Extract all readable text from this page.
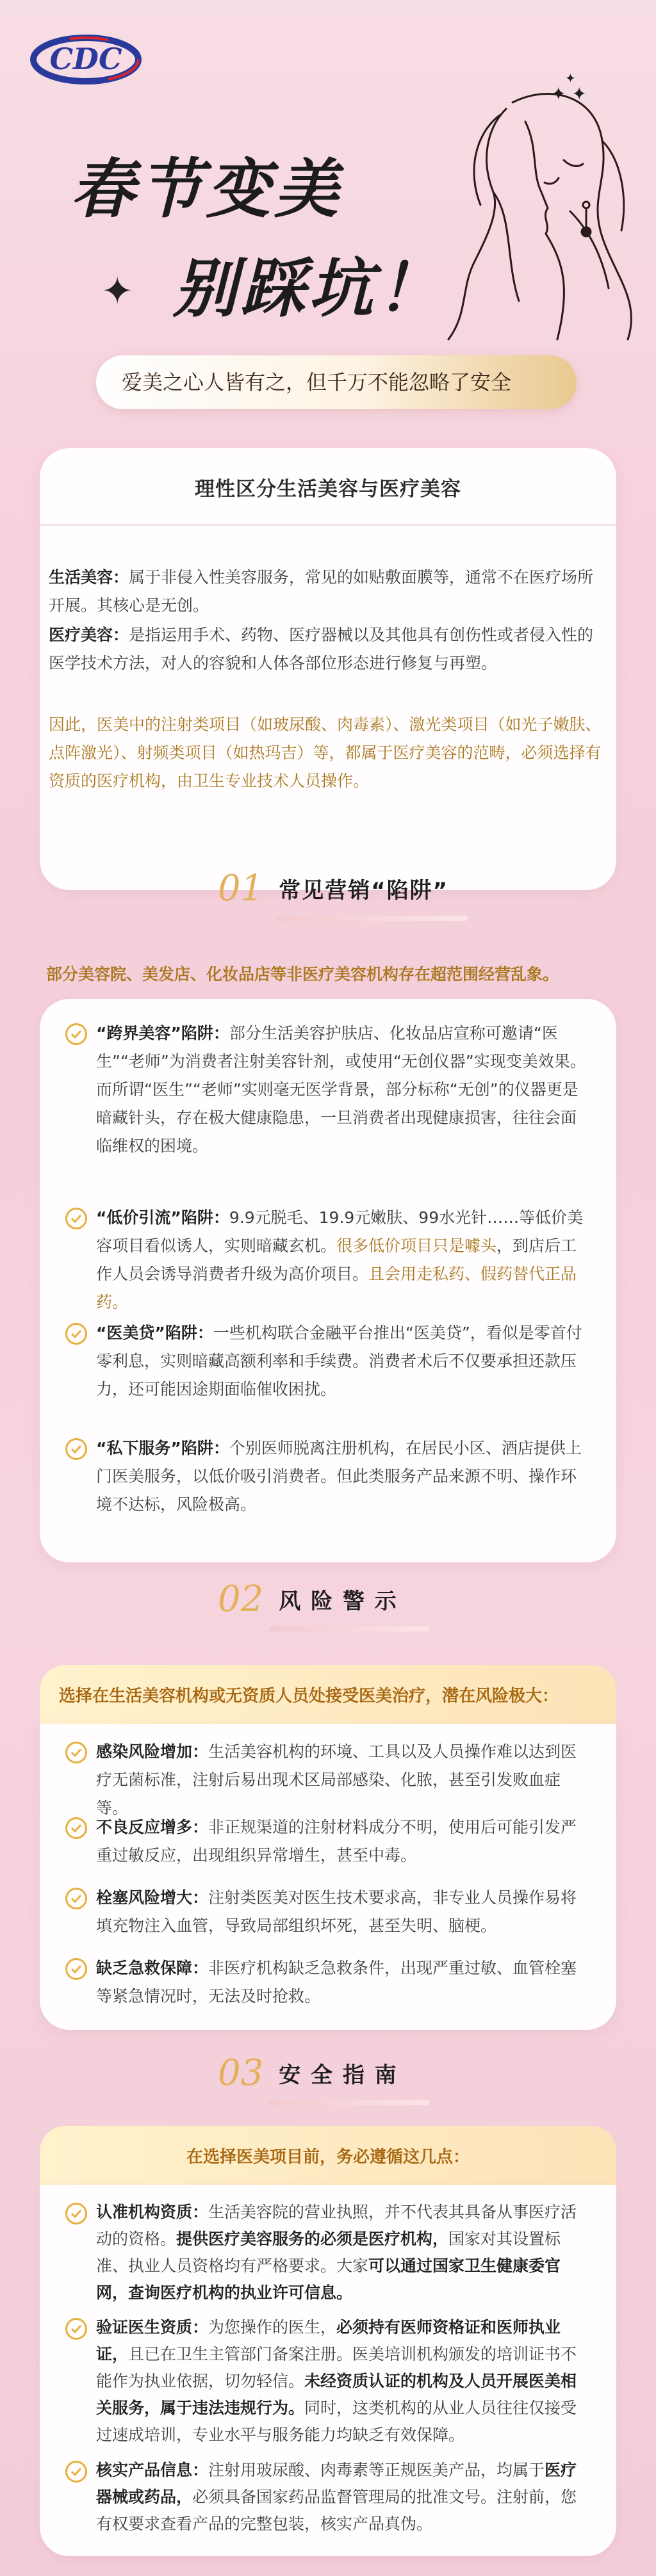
CDC
✦ ✦
✦
✦
春节变美
别踩坑！
爱美之心人皆有之，但千万不能忽略了安全
理性区分生活美容与医疗美容
生活美容：属于非侵入性美容服务，常见的如贴敷面膜等，通常不在医疗场所开展。其核心是无创。
医疗美容：是指运用手术、药物、医疗器械以及其他具有创伤性或者侵入性的医学技术方法，对人的容貌和人体各部位形态进行修复与再塑。
因此，医美中的注射类项目（如玻尿酸、肉毒素）、激光类项目（如光子嫩肤、点阵激光）、射频类项目（如热玛吉）等，都属于医疗美容的范畴，必须选择有资质的医疗机构，由卫生专业技术人员操作。
01 常见营销“陷阱”
部分美容院、美发店、化妆品店等非医疗美容机构存在超范围经营乱象。
“跨界美容”陷阱：部分生活美容护肤店、化妆品店宣称可邀请“医生”“老师”为消费者注射美容针剂，或使用“无创仪器”实现变美效果。而所谓“医生”“老师”实则毫无医学背景，部分标称“无创”的仪器更是暗藏针头，存在极大健康隐患，一旦消费者出现健康损害，往往会面临维权的困境。
“低价引流”陷阱：9.9元脱毛、19.9元嫩肤、99水光针……等低价美容项目看似诱人，实则暗藏玄机。很多低价项目只是噱头，到店后工作人员会诱导消费者升级为高价项目。且会用走私药、假药替代正品药。
“医美贷”陷阱：一些机构联合金融平台推出“医美贷”，看似是零首付零利息，实则暗藏高额利率和手续费。消费者术后不仅要承担还款压力，还可能因途期面临催收困扰。
“私下服务”陷阱：个别医师脱离注册机构，在居民小区、酒店提供上门医美服务，以低价吸引消费者。但此类服务产品来源不明、操作环境不达标，风险极高。
02 风 险 警 示
选择在生活美容机构或无资质人员处接受医美治疗，潜在风险极大：
感染风险增加：生活美容机构的环境、工具以及人员操作难以达到医疗无菌标准，注射后易出现术区局部感染、化脓，甚至引发败血症等。
不良反应增多：非正规渠道的注射材料成分不明，使用后可能引发严重过敏反应，出现组织异常增生，甚至中毒。
栓塞风险增大：注射类医美对医生技术要求高，非专业人员操作易将填充物注入血管，导致局部组织坏死，甚至失明、脑梗。
缺乏急救保障：非医疗机构缺乏急救条件，出现严重过敏、血管栓塞等紧急情况时，无法及时抢救。
03 安 全 指 南
在选择医美项目前，务必遵循这几点：
认准机构资质：生活美容院的营业执照，并不代表其具备从事医疗活动的资格。提供医疗美容服务的必须是医疗机构，国家对其设置标准、执业人员资格均有严格要求。大家可以通过国家卫生健康委官网，查询医疗机构的执业许可信息。
验证医生资质：为您操作的医生，必须持有医师资格证和医师执业证，且已在卫生主管部门备案注册。医美培训机构颁发的培训证书不能作为执业依据，切勿轻信。未经资质认证的机构及人员开展医美相关服务，属于违法违规行为。同时，这类机构的从业人员往往仅接受过速成培训，专业水平与服务能力均缺乏有效保障。
核实产品信息：注射用玻尿酸、肉毒素等正规医美产品，均属于医疗器械或药品，必须具备国家药品监督管理局的批准文号。注射前，您有权要求查看产品的完整包装，核实产品真伪。
